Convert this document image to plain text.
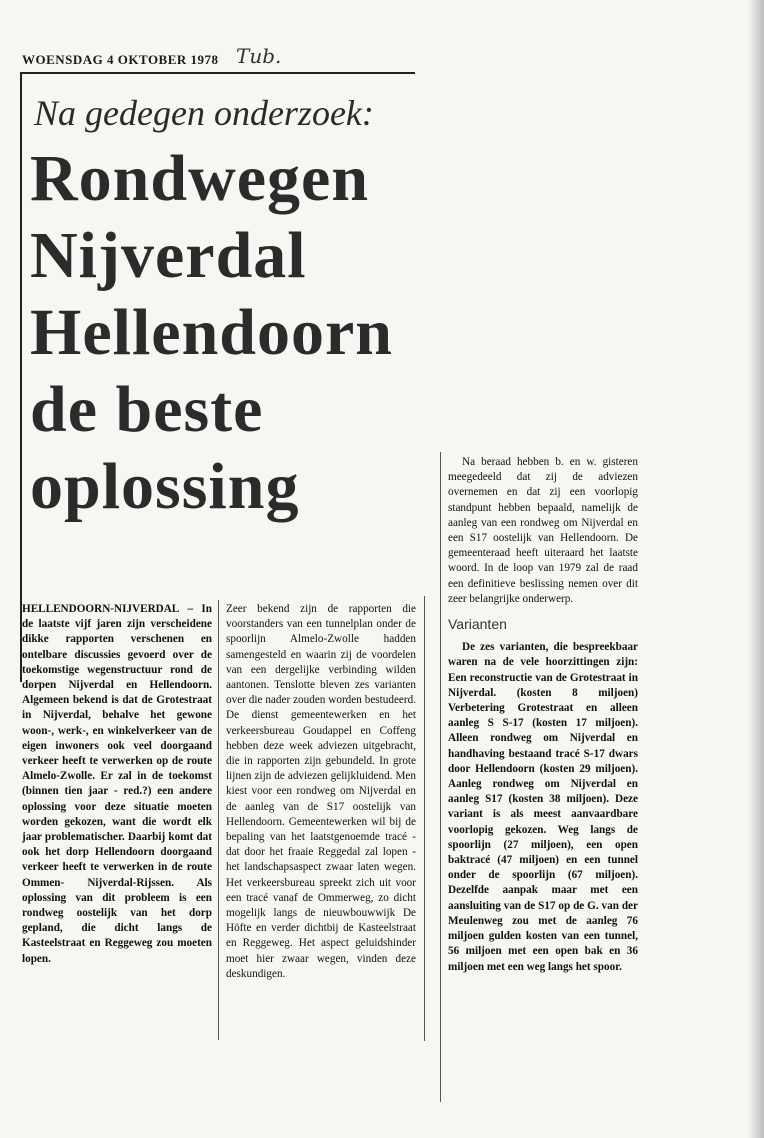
WOENSDAG 4 OKTOBER 1978 Tub.
Na gedegen onderzoek:
Rondwegen
Nijverdal
Hellendoorn
de beste
oplossing

HELLENDOORN-NIJVERDAL – In de laatste vijf jaren zijn verscheidene dikke rapporten verschenen en ontelbare discussies gevoerd over de toekomstige wegenstructuur rond de dorpen Nijverdal en Hellendoorn. Algemeen bekend is dat de Grotestraat in Nijverdal, behalve het gewone woon-, werk-, en winkelverkeer van de eigen inwoners ook veel doorgaand verkeer heeft te verwerken op de route Almelo-Zwolle. Er zal in de toekomst (binnen tien jaar - red.?) een andere oplossing voor deze situatie moeten worden gekozen, want die wordt elk jaar problematischer. Daarbij komt dat ook het dorp Hellendoorn doorgaand verkeer heeft te verwerken in de route Ommen- Nijverdal-Rijssen. Als oplossing van dit probleem is een rondweg oostelijk van het dorp gepland, die dicht langs de Kasteelstraat en Reggeweg zou moeten lopen.

Zeer bekend zijn de rapporten die voorstanders van een tunnelplan onder de spoorlijn Almelo-Zwolle hadden samengesteld en waarin zij de voordelen van een dergelijke verbinding wilden aantonen. Tenslotte bleven zes varianten over die nader zouden worden bestudeerd. De dienst gemeentewerken en het verkeersbureau Goudappel en Coffeng hebben deze week adviezen uitgebracht, die in rapporten zijn gebundeld. In grote lijnen zijn de adviezen gelijkluidend. Men kiest voor een rondweg om Nijverdal en de aanleg van de S17 oostelijk van Hellendoorn. Gemeentewerken wil bij de bepaling van het laatstgenoemde tracé - dat door het fraaie Reggedal zal lopen - het landschapsaspect zwaar laten wegen. Het verkeersbureau spreekt zich uit voor een tracé vanaf de Ommerweg, zo dicht mogelijk langs de nieuwbouwwijk De Höfte en verder dichtbij de Kasteelstraat en Reggeweg. Het aspect geluidshinder moet hier zwaar wegen, vinden deze deskundigen.

Na beraad hebben b. en w. gisteren meegedeeld dat zij de adviezen overnemen en dat zij een voorlopig standpunt hebben bepaald, namelijk de aanleg van een rondweg om Nijverdal en een S17 oostelijk van Hellendoorn. De gemeenteraad heeft uiteraard het laatste woord. In de loop van 1979 zal de raad een definitieve beslissing nemen over dit zeer belangrijke onderwerp.

Varianten

De zes varianten, die bespreekbaar waren na de vele hoorzittingen zijn: Een reconstructie van de Grotestraat in Nijverdal. (kosten 8 miljoen) Verbetering Grotestraat en alleen aanleg S S-17 (kosten 17 miljoen). Alleen rondweg om Nijverdal en handhaving bestaand tracé S-17 dwars door Hellendoorn (kosten 29 miljoen). Aanleg rondweg om Nijverdal en aanleg S17 (kosten 38 miljoen). Deze variant is als meest aanvaardbare voorlopig gekozen. Weg langs de spoorlijn (27 miljoen), een open baktracé (47 miljoen) en een tunnel onder de spoorlijn (67 miljoen). Dezelfde aanpak maar met een aansluiting van de S17 op de G. van der Meulenweg zou met de aanleg 76 miljoen gulden kosten van een tunnel, 56 miljoen met een open bak en 36 miljoen met een weg langs het spoor.
